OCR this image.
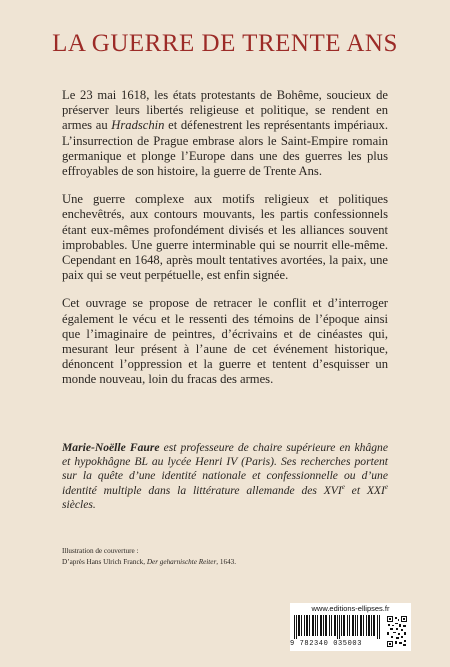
LA GUERRE DE TRENTE ANS

Le 23 mai 1618, les états protestants de Bohême, soucieux de préserver leurs libertés religieuse et politique, se rendent en armes au Hradschin et défenestrent les représentants impériaux. L’insurrection de Prague embrase alors le Saint-Empire romain germanique et plonge l’Europe dans une des guerres les plus effroyables de son histoire, la guerre de Trente Ans.

Une guerre complexe aux motifs religieux et politiques enchevêtrés, aux contours mouvants, les partis confessionnels étant eux-mêmes profondément divisés et les alliances souvent improbables. Une guerre interminable qui se nourrit elle-même. Cependant en 1648, après moult tentatives avortées, la paix, une paix qui se veut perpétuelle, est enfin signée.

Cet ouvrage se propose de retracer le conflit et d’interroger également le vécu et le ressenti des témoins de l’époque ainsi que l’imaginaire de peintres, d’écrivains et de cinéastes qui, mesurant leur présent à l’aune de cet événement historique, dénoncent l’oppression et la guerre et tentent d’esquisser un monde nouveau, loin du fracas des armes.

Marie-Noëlle Faure est professeure de chaire supérieure en khâgne et hypokhâgne BL au lycée Henri IV (Paris). Ses recherches portent sur la quête d’une identité nationale et confessionnelle ou d’une identité multiple dans la littérature allemande des XVIe et XXIe siècles.
Illustration de couverture :
D’après Hans Ulrich Franck, Der geharnischte Reiter, 1643.
www.editions-ellipses.fr
9 782340 035003
